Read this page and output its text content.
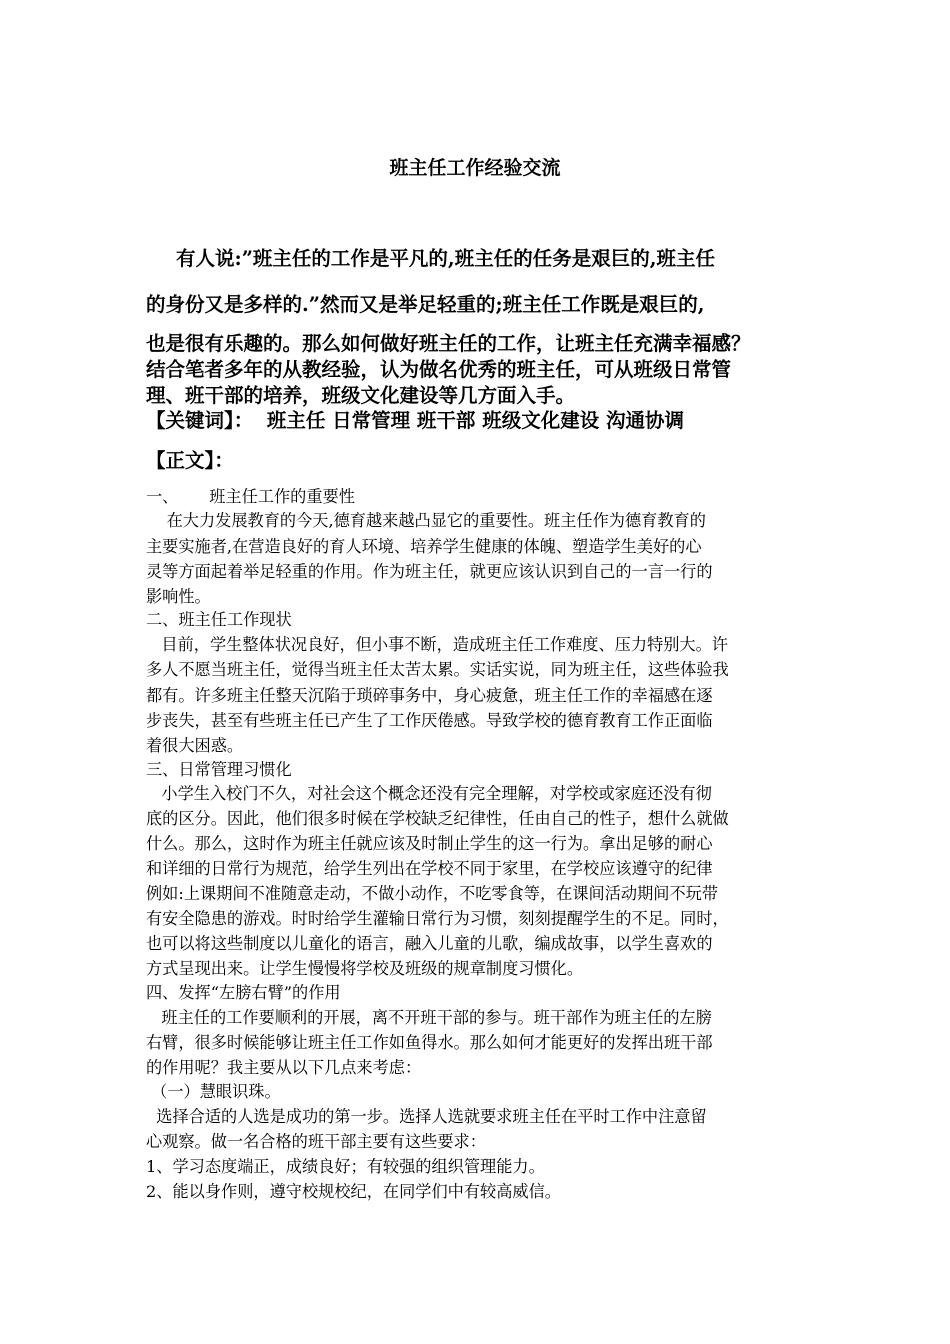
班主任工作经验交流
有人说:”班主任的工作是平凡的,班主任的任务是艰巨的,班主任
的身份又是多样的.”然而又是举足轻重的;班主任工作既是艰巨的,
也是很有乐趣的。那么如何做好班主任的工作，让班主任充满幸福感？
结合笔者多年的从教经验，认为做名优秀的班主任，可从班级日常管
理、班干部的培养，班级文化建设等几方面入手。
【关键词】：  班主任 日常管理 班干部 班级文化建设 沟通协调
【正文】：
一、      班主任工作的重要性
在大力发展教育的今天,德育越来越凸显它的重要性。班主任作为德育教育的
主要实施者,在营造良好的育人环境、培养学生健康的体魄、塑造学生美好的心
灵等方面起着举足轻重的作用。作为班主任，就更应该认识到自己的一言一行的
影响性。
二、班主任工作现状
目前，学生整体状况良好，但小事不断，造成班主任工作难度、压力特别大。许
多人不愿当班主任，觉得当班主任太苦太累。实话实说，同为班主任，这些体验我
都有。许多班主任整天沉陷于琐碎事务中，身心疲惫，班主任工作的幸福感在逐
步丧失，甚至有些班主任已产生了工作厌倦感。导致学校的德育教育工作正面临
着很大困惑。
三、日常管理习惯化
小学生入校门不久，对社会这个概念还没有完全理解，对学校或家庭还没有彻
底的区分。因此，他们很多时候在学校缺乏纪律性，任由自己的性子，想什么就做
什么。那么，这时作为班主任就应该及时制止学生的这一行为。拿出足够的耐心
和详细的日常行为规范，给学生列出在学校不同于家里，在学校应该遵守的纪律
例如:上课期间不准随意走动，不做小动作，不吃零食等，在课间活动期间不玩带
有安全隐患的游戏。时时给学生灌输日常行为习惯，刻刻提醒学生的不足。同时，
也可以将这些制度以儿童化的语言，融入儿童的儿歌，编成故事，以学生喜欢的
方式呈现出来。让学生慢慢将学校及班级的规章制度习惯化。
四、发挥“左膀右臂”的作用
班主任的工作要顺利的开展，离不开班干部的参与。班干部作为班主任的左膀
右臂，很多时候能够让班主任工作如鱼得水。那么如何才能更好的发挥出班干部
的作用呢？我主要从以下几点来考虑：
（一）慧眼识珠。
选择合适的人选是成功的第一步。选择人选就要求班主任在平时工作中注意留
心观察。做一名合格的班干部主要有这些要求：
1、学习态度端正，成绩良好；有较强的组织管理能力。
2、能以身作则，遵守校规校纪，在同学们中有较高威信。
